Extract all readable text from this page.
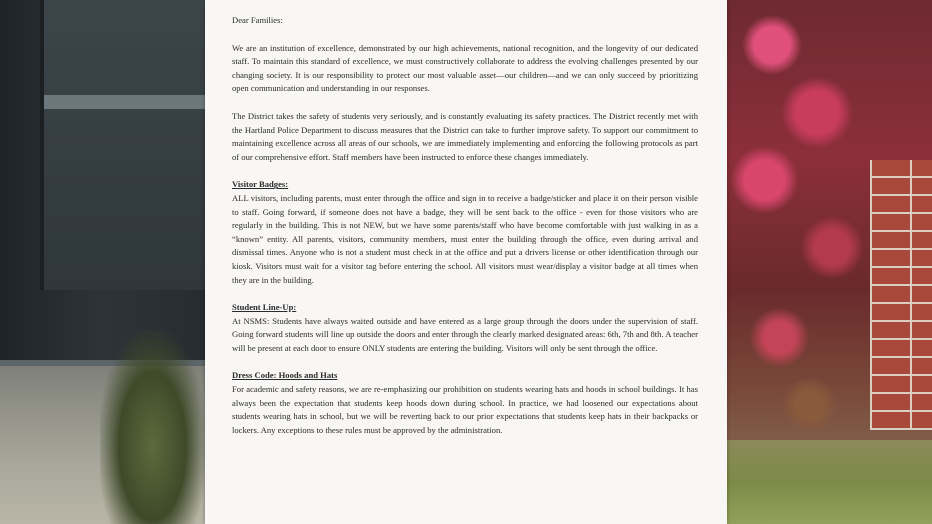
Dear Families:

We are an institution of excellence, demonstrated by our high achievements, national recognition, and the longevity of our dedicated staff. To maintain this standard of excellence, we must constructively collaborate to address the evolving challenges presented by our changing society. It is our responsibility to protect our most valuable asset—our children—and we can only succeed by prioritizing open communication and understanding in our responses.

The District takes the safety of students very seriously, and is constantly evaluating its safety practices. The District recently met with the Hartland Police Department to discuss measures that the District can take to further improve safety. To support our commitment to maintaining excellence across all areas of our schools, we are immediately implementing and enforcing the following protocols as part of our comprehensive effort. Staff members have been instructed to enforce these changes immediately.

Visitor Badges:

ALL visitors, including parents, must enter through the office and sign in to receive a badge/sticker and place it on their person visible to staff. Going forward, if someone does not have a badge, they will be sent back to the office - even for those visitors who are regularly in the building. This is not NEW, but we have some parents/staff who have become comfortable with just walking in as a “known” entity. All parents, visitors, community members, must enter the building through the office, even during arrival and dismissal times. Anyone who is not a student must check in at the office and put a drivers license or other identification through our kiosk. Visitors must wait for a visitor tag before entering the school. All visitors must wear/display a visitor badge at all times when they are in the building.

Student Line-Up:

At NSMS: Students have always waited outside and have entered as a large group through the doors under the supervision of staff. Going forward students will line up outside the doors and enter through the clearly marked designated areas: 6th, 7th and 8th. A teacher will be present at each door to ensure ONLY students are entering the building. Visitors will only be sent through the office.

Dress Code: Hoods and Hats

For academic and safety reasons, we are re-emphasizing our prohibition on students wearing hats and hoods in school buildings. It has always been the expectation that students keep hoods down during school. In practice, we had loosened our expectations about students wearing hats in school, but we will be reverting back to our prior expectations that students keep hats in their backpacks or lockers. Any exceptions to these rules must be approved by the administration.
